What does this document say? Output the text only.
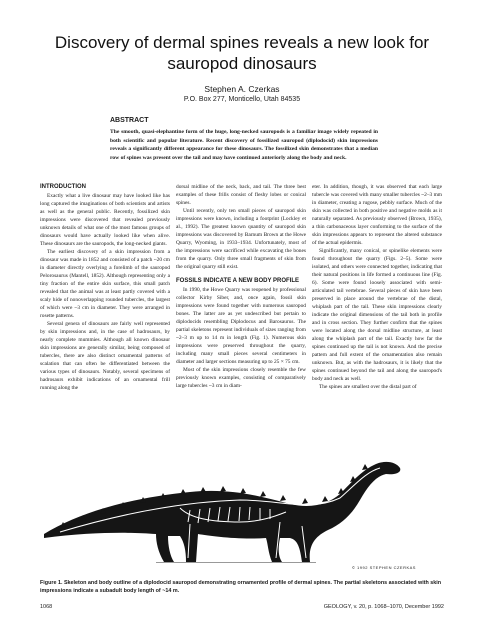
Discovery of dermal spines reveals a new look for sauropod dinosaurs
Stephen A. Czerkas
P.O. Box 277, Monticello, Utah 84535
ABSTRACT
The smooth, quasi-elephantine form of the huge, long-necked sauropods is a familiar image widely repeated in both scientific and popular literature. Recent discovery of fossilized sauropod (diplodocid) skin impressions reveals a significantly different appearance for these dinosaurs. The fossilized skin demonstrates that a median row of spines was present over the tail and may have continued anteriorly along the body and neck.
INTRODUCTION

Exactly what a live dinosaur may have looked like has long captured the imaginations of both scientists and artists as well as the general public. Recently, fossilized skin impressions were discovered that revealed previously unknown details of what one of the most famous groups of dinosaurs would have actually looked like when alive. These dinosaurs are the sauropods, the long-necked giants.

The earliest discovery of a skin impression from a dinosaur was made in 1852 and consisted of a patch ~20 cm in diameter directly overlying a forelimb of the sauropod Pelorosaurus (Mantell, 1852). Although representing only a tiny fraction of the entire skin surface, this small patch revealed that the animal was at least partly covered with a scaly hide of nonoverlapping rounded tubercles, the largest of which were ~3 cm in diameter. They were arranged in rosette patterns.

Several genera of dinosaurs are fairly well represented by skin impressions and, in the case of hadrosaurs, by nearly complete mummies. Although all known dinosaur skin impressions are generally similar, being composed of tubercles, there are also distinct ornamental patterns of scalation that can often be differentiated between the various types of dinosaurs. Notably, several specimens of hadrosaurs exhibit indications of an ornamental frill running along the

dorsal midline of the neck, back, and tail. The three best examples of these frills consist of fleshy lobes or conical spines.

Until recently, only ten small pieces of sauropod skin impressions were known, including a footprint (Lockley et al., 1992). The greatest known quantity of sauropod skin impressions was discovered by Barnum Brown at the Howe Quarry, Wyoming, in 1933–1934. Unfortunately, most of the impressions were sacrificed while excavating the bones from the quarry. Only three small fragments of skin from the original quarry still exist.

FOSSILS INDICATE A NEW BODY PROFILE

In 1990, the Howe Quarry was reopened by professional collector Kirby Siber, and, once again, fossil skin impressions were found together with numerous sauropod bones. The latter are as yet undescribed but pertain to diplodocids resembling Diplodocus and Barosaurus. The partial skeletons represent individuals of sizes ranging from ~2–3 m up to 14 m in length (Fig. 1). Numerous skin impressions were preserved throughout the quarry, including many small pieces several centimeters in diameter and larger sections measuring up to 25 × 75 cm.

Most of the skin impressions closely resemble the few previously known examples, consisting of comparatively large tubercles ~3 cm in diam-

eter. In addition, though, it was observed that each large tubercle was covered with many smaller tubercles ~2–3 mm in diameter, creating a rugose, pebbly surface. Much of the skin was collected in both positive and negative molds as it naturally separated. As previously observed (Brown, 1935), a thin carbonaceous layer conforming to the surface of the skin impressions appears to represent the altered substance of the actual epidermis.

Significantly, many conical, or spinelike elements were found throughout the quarry (Figs. 2–5). Some were isolated, and others were connected together, indicating that their natural positions in life formed a continuous line (Fig. 6). Some were found loosely associated with semi-articulated tail vertebrae. Several pieces of skin have been preserved in place around the vertebrae of the distal, whiplash part of the tail. These skin impressions clearly indicate the original dimensions of the tail both in profile and in cross section. They further confirm that the spines were located along the dorsal midline structure, at least along the whiplash part of the tail. Exactly how far the spines continued up the tail is not known. And the precise pattern and full extent of the ornamentation also remain unknown. But, as with the hadrosaurs, it is likely that the spines continued beyond the tail and along the sauropod's body and neck as well.

The spines are smallest over the distal part of

© 1992 STEPHEN CZERKAS
Figure 1. Skeleton and body outline of a diplodocid sauropod demonstrating ornamented profile of dermal spines. The partial skeletons associated with skin impressions indicate a subadult body length of ~14 m.
1068	GEOLOGY, v. 20, p. 1068–1070, December 1992
